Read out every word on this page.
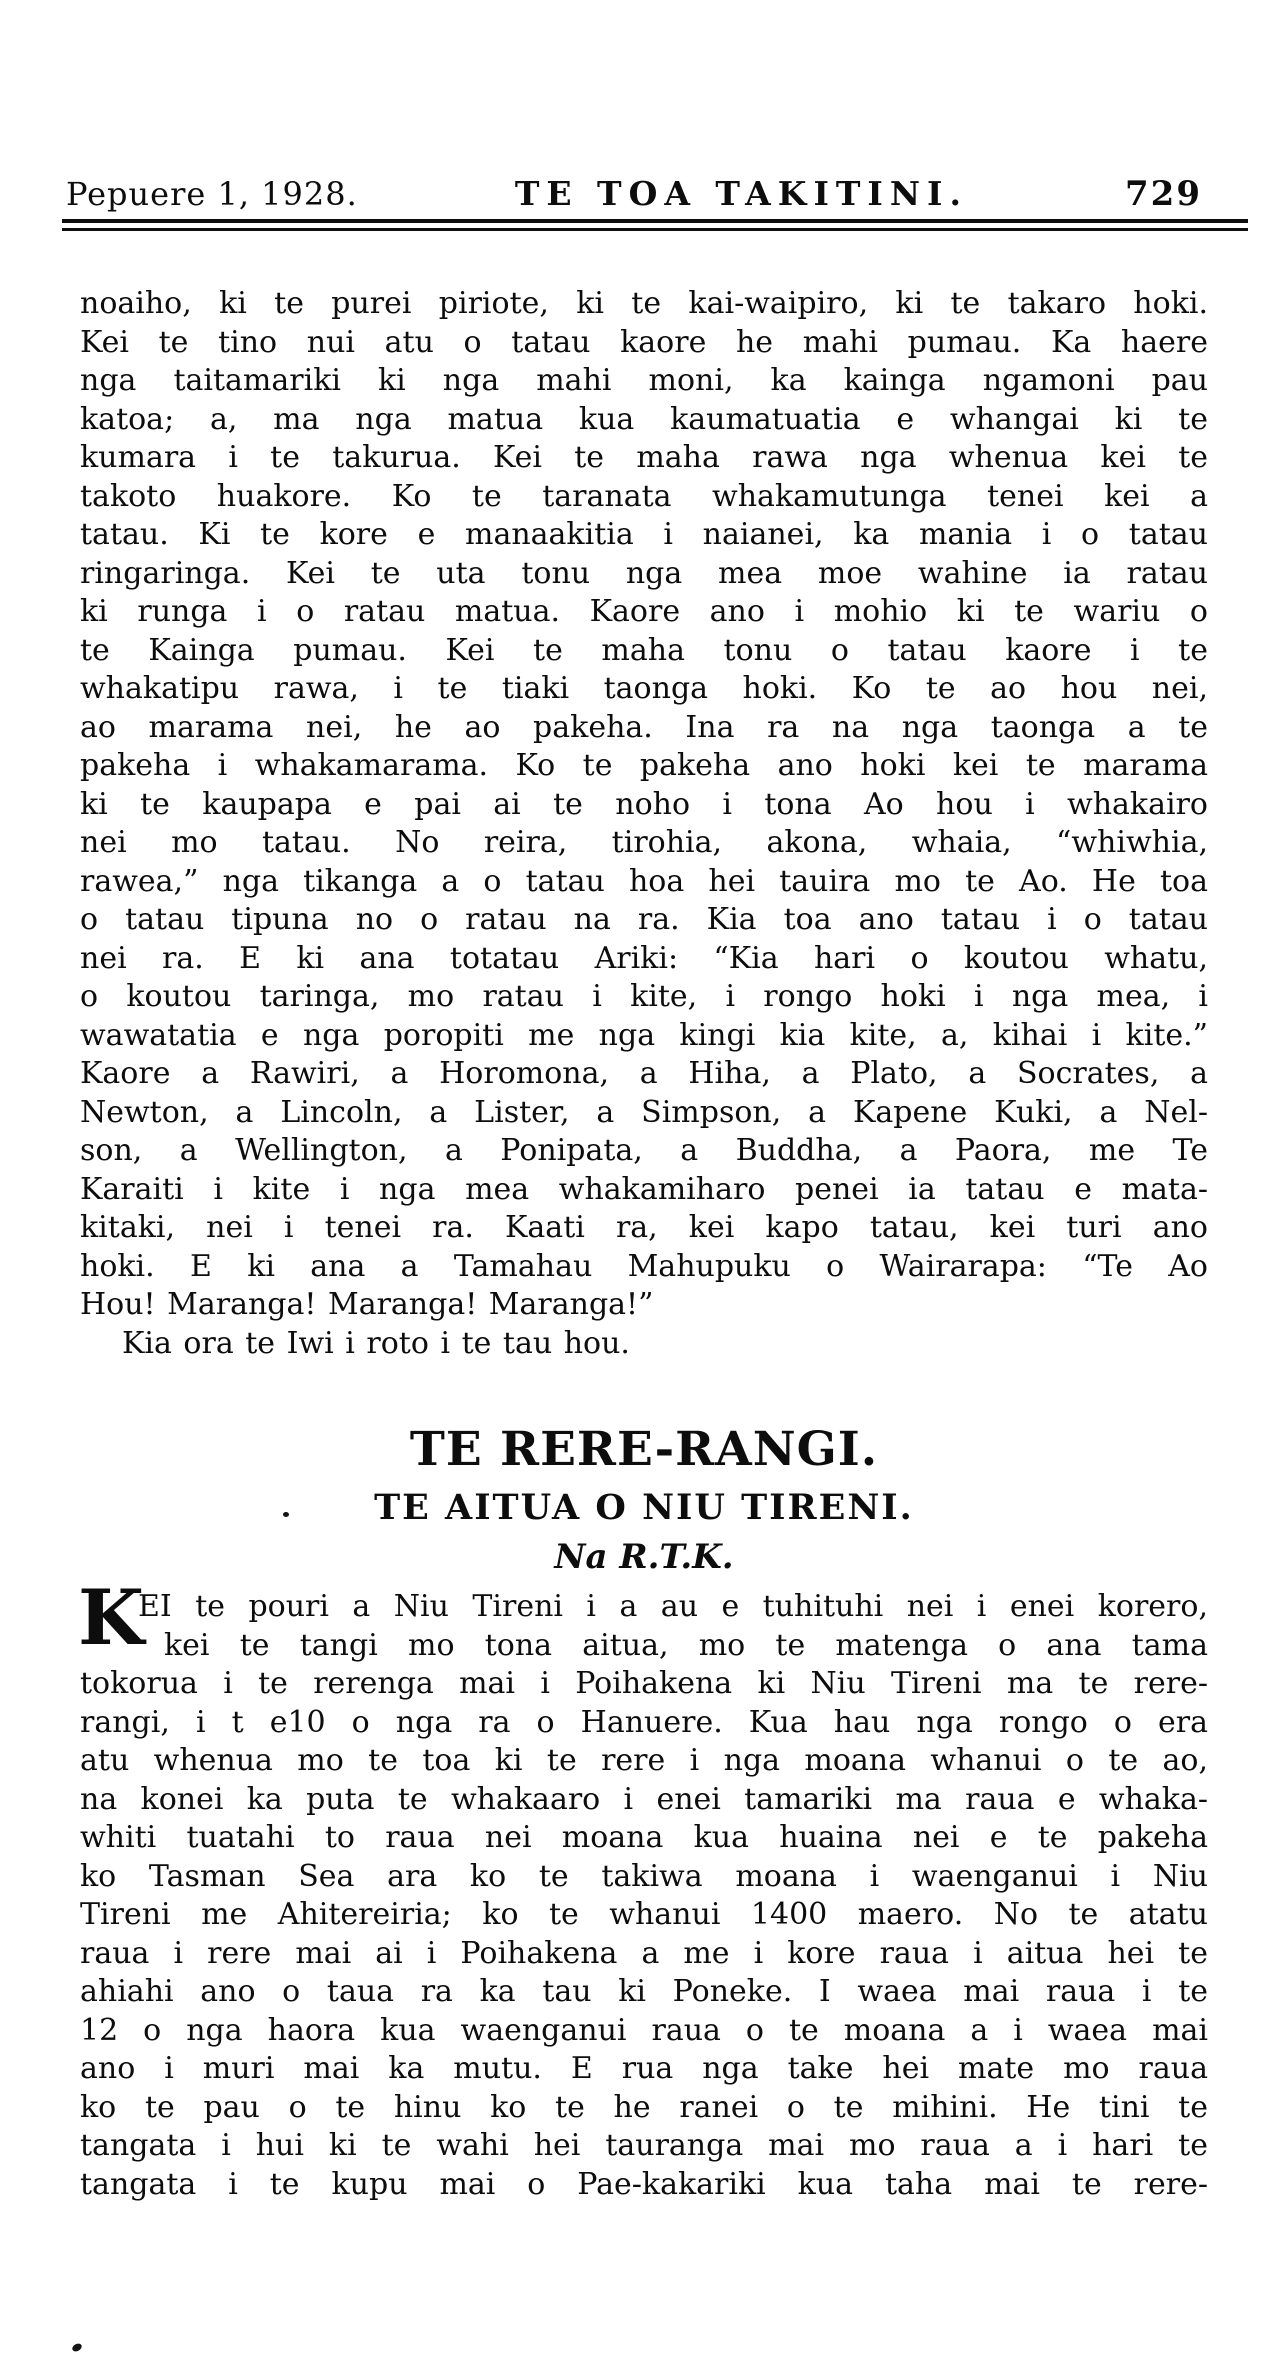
Pepuere 1, 1928.	TE TOA TAKITINI.	729
noaiho, ki te purei piriote, ki te kai-waipiro, ki te takaro hoki.
Kei te tino nui atu o tatau kaore he mahi pumau. Ka haere
nga taitamariki ki nga mahi moni, ka kainga ngamoni pau
katoa; a, ma nga matua kua kaumatuatia e whangai ki te
kumara i te takurua. Kei te maha rawa nga whenua kei te
takoto huakore. Ko te taranata whakamutunga tenei kei a
tatau. Ki te kore e manaakitia i naianei, ka mania i o tatau
ringaringa. Kei te uta tonu nga mea moe wahine ia ratau
ki runga i o ratau matua. Kaore ano i mohio ki te wariu o
te Kainga pumau. Kei te maha tonu o tatau kaore i te
whakatipu rawa, i te tiaki taonga hoki. Ko te ao hou nei,
ao marama nei, he ao pakeha. Ina ra na nga taonga a te
pakeha i whakamarama. Ko te pakeha ano hoki kei te marama
ki te kaupapa e pai ai te noho i tona Ao hou i whakairo
nei mo tatau. No reira, tirohia, akona, whaia, “whiwhia,
rawea,” nga tikanga a o tatau hoa hei tauira mo te Ao. He toa
o tatau tipuna no o ratau na ra. Kia toa ano tatau i o tatau
nei ra. E ki ana totatau Ariki: “Kia hari o koutou whatu,
o koutou taringa, mo ratau i kite, i rongo hoki i nga mea, i
wawatatia e nga poropiti me nga kingi kia kite, a, kihai i kite.”
Kaore a Rawiri, a Horomona, a Hiha, a Plato, a Socrates, a
Newton, a Lincoln, a Lister, a Simpson, a Kapene Kuki, a Nel-
son, a Wellington, a Ponipata, a Buddha, a Paora, me Te
Karaiti i kite i nga mea whakamiharo penei ia tatau e mata-
kitaki, nei i tenei ra. Kaati ra, kei kapo tatau, kei turi ano
hoki. E ki ana a Tamahau Mahupuku o Wairarapa: “Te Ao
Hou! Maranga! Maranga! Maranga!”
Kia ora te Iwi i roto i te tau hou.
TE RERE-RANGI.
TE AITUA O NIU TIRENI.
Na R.T.K.
K
EI te pouri a Niu Tireni i a au e tuhituhi nei i enei korero,
kei te tangi mo tona aitua, mo te matenga o ana tama
tokorua i te rerenga mai i Poihakena ki Niu Tireni ma te rere-
rangi, i t e10 o nga ra o Hanuere. Kua hau nga rongo o era
atu whenua mo te toa ki te rere i nga moana whanui o te ao,
na konei ka puta te whakaaro i enei tamariki ma raua e whaka-
whiti tuatahi to raua nei moana kua huaina nei e te pakeha
ko Tasman Sea ara ko te takiwa moana i waenganui i Niu
Tireni me Ahitereiria; ko te whanui 1400 maero. No te atatu
raua i rere mai ai i Poihakena a me i kore raua i aitua hei te
ahiahi ano o taua ra ka tau ki Poneke. I waea mai raua i te
12 o nga haora kua waenganui raua o te moana a i waea mai
ano i muri mai ka mutu. E rua nga take hei mate mo raua
ko te pau o te hinu ko te he ranei o te mihini. He tini te
tangata i hui ki te wahi hei tauranga mai mo raua a i hari te
tangata i te kupu mai o Pae-kakariki kua taha mai te rere-
